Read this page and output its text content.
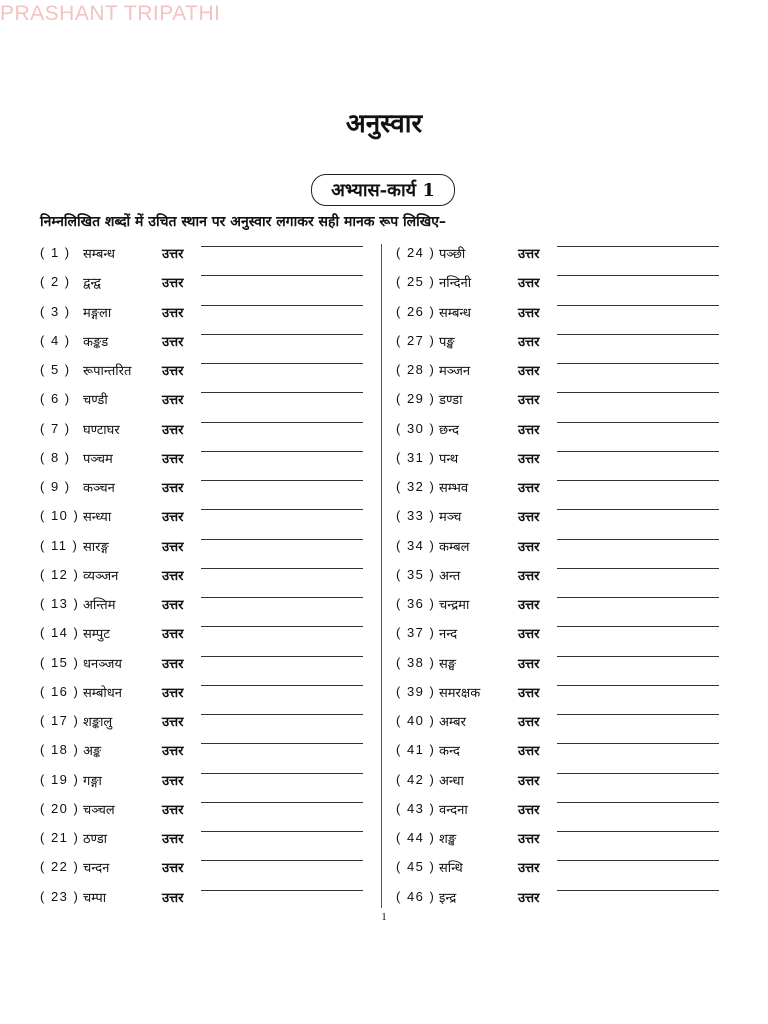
PRASHANT TRIPATHI
अनुस्वार
अभ्यास-कार्य 1
निम्नलिखित शब्दों में उचित स्थान पर अनुस्वार लगाकर सही मानक रूप लिखिए–
( 1 ) सम्बन्ध	उत्तर
( 2 ) द्वन्द्व	उत्तर
( 3 ) मङ्गला	उत्तर
( 4 ) कङ्कड	उत्तर
( 5 ) रूपान्तरित उत्तर
( 6 ) चण्डी	उत्तर
( 7 ) घण्टाघर	उत्तर
( 8 ) पञ्चम	उत्तर
( 9 ) कञ्चन	उत्तर
( 10 ) सन्ध्या	उत्तर
( 11 ) सारङ्ग	उत्तर
( 12 ) व्यञ्जन	उत्तर
( 13 ) अन्तिम	उत्तर
( 14 ) सम्पुट	उत्तर
( 15 ) धनञ्जय	उत्तर
( 16 ) सम्बोधन	उत्तर
( 17 ) शङ्कालु	उत्तर
( 18 ) अङ्क	उत्तर
( 19 ) गङ्गा	उत्तर
( 20 ) चञ्चल	उत्तर
( 21 ) ठण्डा	उत्तर
( 22 ) चन्दन	उत्तर
( 23 ) चम्पा	उत्तर
( 24 ) पञ्छी	उत्तर
( 25 ) नन्दिनी	उत्तर
( 26 ) सम्बन्ध	उत्तर
( 27 ) पङ्ख	उत्तर
( 28 ) मञ्जन	उत्तर
( 29 ) डण्डा	उत्तर
( 30 ) छन्द	उत्तर
( 31 ) पन्थ	उत्तर
( 32 ) सम्भव	उत्तर
( 33 ) मञ्च	उत्तर
( 34 ) कम्बल	उत्तर
( 35 ) अन्त	उत्तर
( 36 ) चन्द्रमा	उत्तर
( 37 ) नन्द	उत्तर
( 38 ) सङ्घ	उत्तर
( 39 ) समरक्षक	उत्तर
( 40 ) अम्बर	उत्तर
( 41 ) कन्द	उत्तर
( 42 ) अन्धा	उत्तर
( 43 ) वन्दना	उत्तर
( 44 ) शङ्ख	उत्तर
( 45 ) सन्धि	उत्तर
( 46 ) इन्द्र	उत्तर
1
